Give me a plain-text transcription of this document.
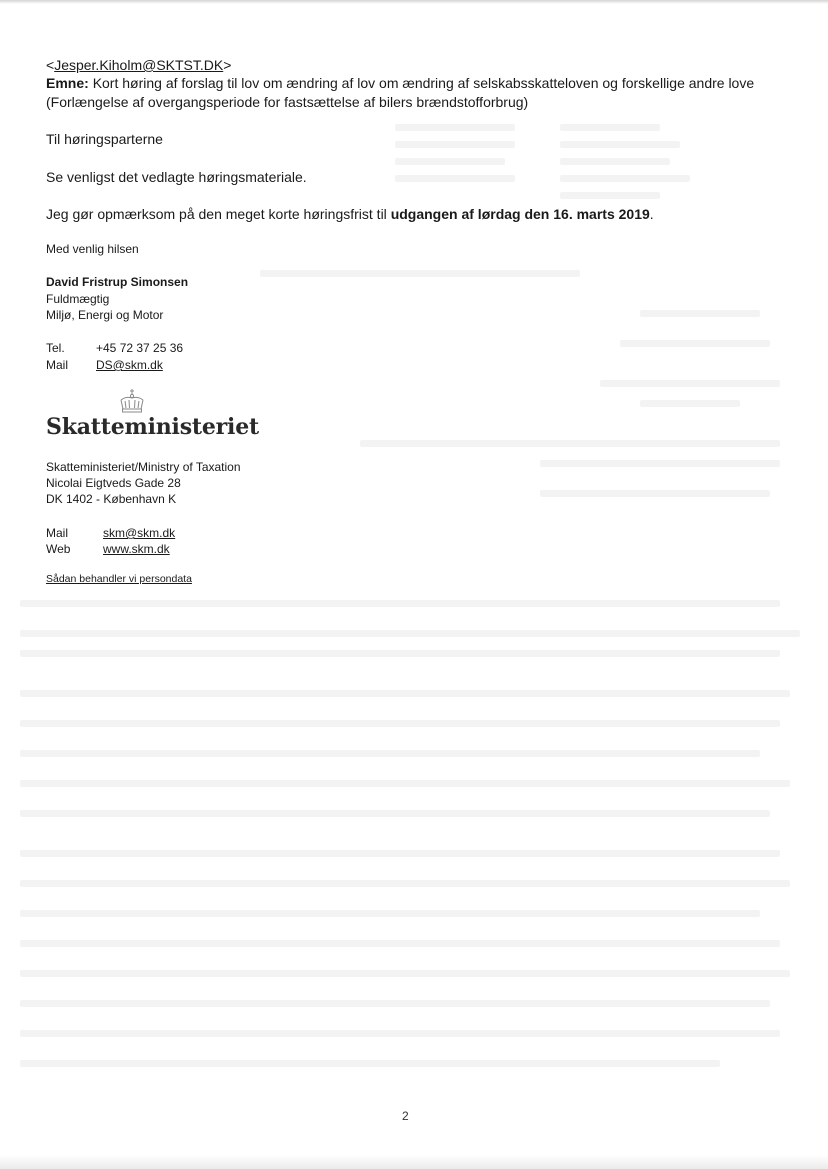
<Jesper.Kiholm@SKTST.DK>
Emne: Kort høring af forslag til lov om ændring af lov om ændring af selskabsskatteloven og forskellige andre love
(Forlængelse af overgangsperiode for fastsættelse af bilers brændstofforbrug)
Til høringsparterne
Se venligst det vedlagte høringsmateriale.
Jeg gør opmærksom på den meget korte høringsfrist til udgangen af lørdag den 16. marts 2019.
Med venlig hilsen
David Fristrup Simonsen
Fuldmægtig
Miljø, Energi og Motor
Tel.	+45 72 37 25 36
Mail DS@skm.dk
Skatteministeriet
Skatteministeriet/Ministry of Taxation
Nicolai Eigtveds Gade 28
DK 1402 - København K
Mail	skm@skm.dk
Web	www.skm.dk
Sådan behandler vi persondata
2
